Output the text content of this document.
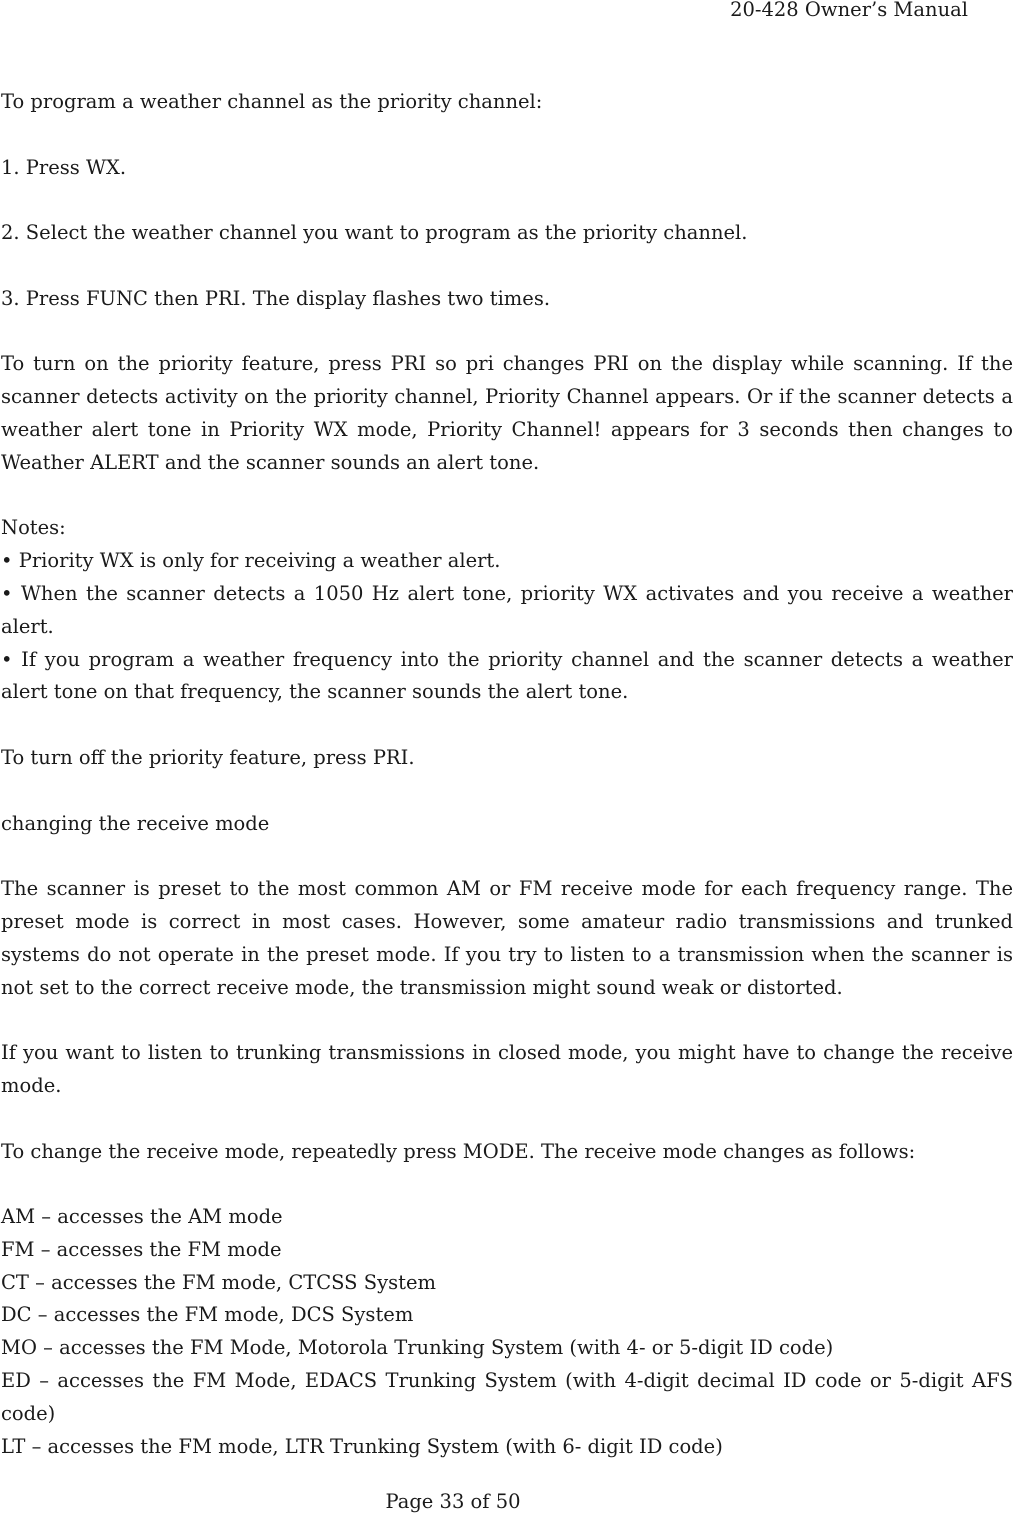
20-428 Owner’s Manual

To program a weather channel as the priority channel:

1. Press WX.

2. Select the weather channel you want to program as the priority channel.

3. Press FUNC then PRI. The display flashes two times.

To turn on the priority feature, press PRI so pri changes PRI on the display while scanning. If the scanner detects activity on the priority channel, Priority Channel appears. Or if the scanner detects a weather alert tone in Priority WX mode, Priority Channel! appears for 3 seconds then changes to Weather ALERT and the scanner sounds an alert tone.

Notes:

• Priority WX is only for receiving a weather alert.

• When the scanner detects a 1050 Hz alert tone, priority WX activates and you receive a weather alert.

• If you program a weather frequency into the priority channel and the scanner detects a weather alert tone on that frequency, the scanner sounds the alert tone.

To turn off the priority feature, press PRI.

changing the receive mode

The scanner is preset to the most common AM or FM receive mode for each frequency range. The preset mode is correct in most cases. However, some amateur radio transmissions and trunked systems do not operate in the preset mode. If you try to listen to a transmission when the scanner is not set to the correct receive mode, the transmission might sound weak or distorted.

If you want to listen to trunking transmissions in closed mode, you might have to change the receive mode.

To change the receive mode, repeatedly press MODE. The receive mode changes as follows:

AM – accesses the AM mode

FM – accesses the FM mode

CT – accesses the FM mode, CTCSS System

DC – accesses the FM mode, DCS System

MO – accesses the FM Mode, Motorola Trunking System (with 4- or 5-digit ID code)

ED – accesses the FM Mode, EDACS Trunking System (with 4-digit decimal ID code or 5-digit AFS code)

LT – accesses the FM mode, LTR Trunking System (with 6- digit ID code)

Page 33 of 50
